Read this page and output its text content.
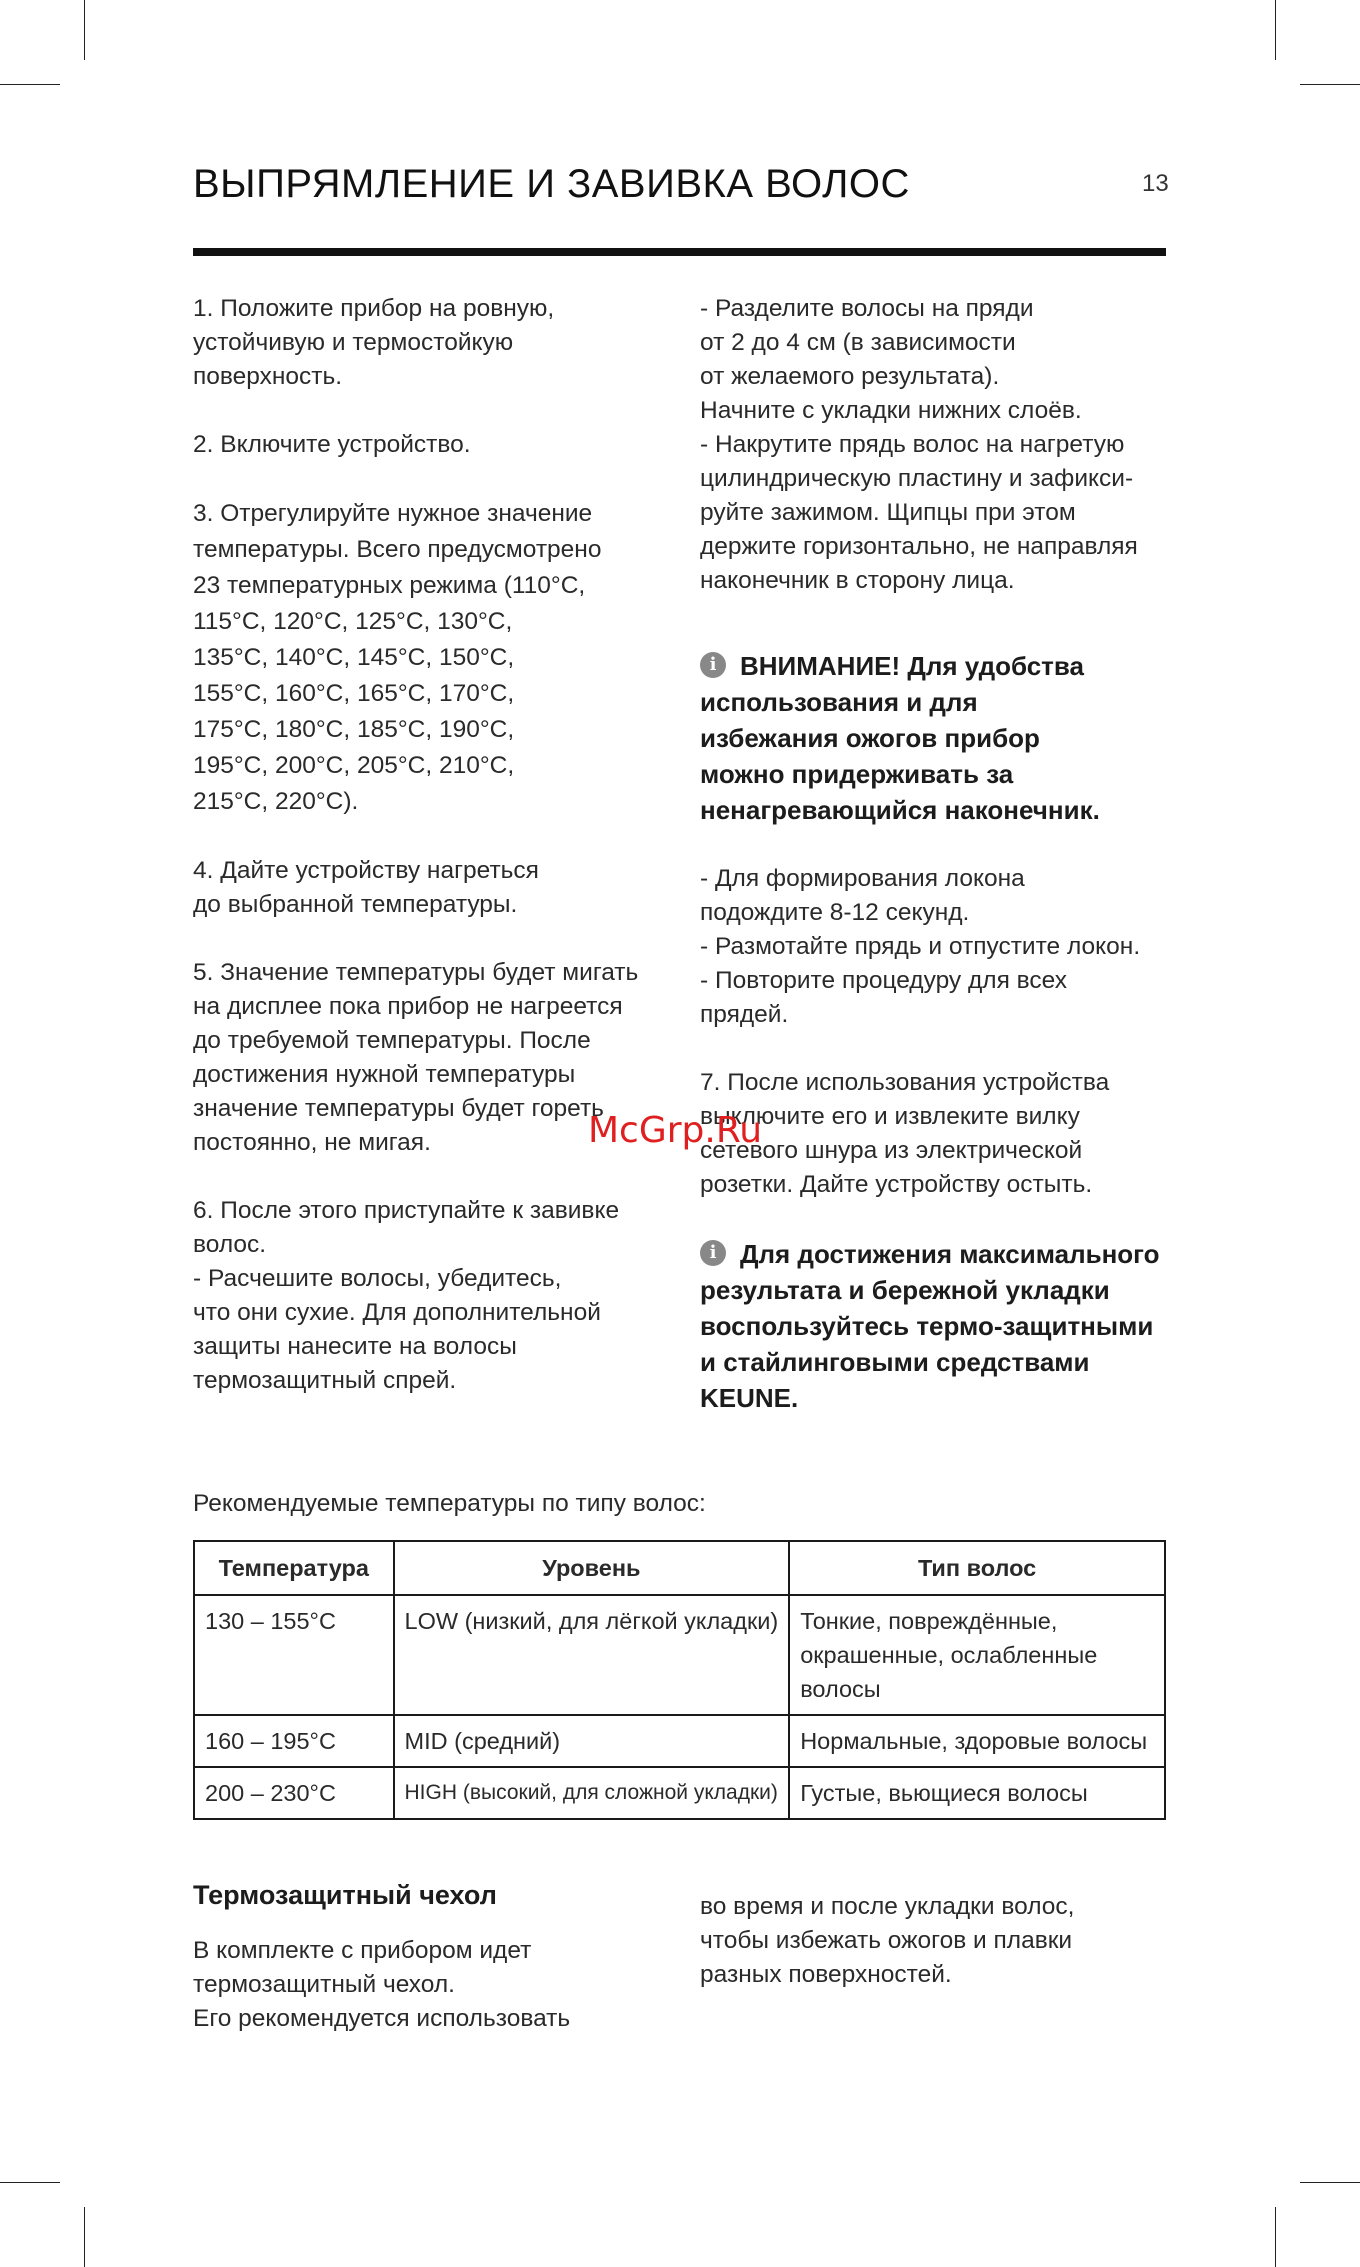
ВЫПРЯМЛЕНИЕ И ЗАВИВКА ВОЛОС	13

1. Положите прибор на ровную,
устойчивую и термостойкую
поверхность.

2. Включите устройство.

3. Отрегулируйте нужное значение
температуры. Всего предусмотрено
23 температурных режима (110°C,
115°C, 120°C, 125°C, 130°C,
135°C, 140°C, 145°C, 150°C,
155°C, 160°C, 165°C, 170°C,
175°C, 180°C, 185°C, 190°C,
195°C, 200°C, 205°C, 210°C,
215°C, 220°C).

4. Дайте устройству нагреться
до выбранной температуры.

5. Значение температуры будет мигать
на дисплее пока прибор не нагреется
до требуемой температуры. После
достижения нужной температуры
значение температуры будет гореть
постоянно, не мигая.

6. После этого приступайте к завивке
волос.
- Расчешите волосы, убедитесь,
что они сухие. Для дополнительной
защиты нанесите на волосы
термозащитный спрей.

- Разделите волосы на пряди
от 2 до 4 см (в зависимости
от желаемого результата).
Начните с укладки нижних слоёв.
- Накрутите прядь волос на нагретую
цилиндрическую пластину и зафикси-
руйте зажимом. Щипцы при этом
держите горизонтально, не направляя
наконечник в сторону лица.

i ВНИМАНИЕ! Для удобства
использования и для
избежания ожогов прибор
можно придерживать за
ненагревающийся наконечник.

- Для формирования локона
подождите 8-12 секунд.
- Размотайте прядь и отпустите локон.
- Повторите процедуру для всех
прядей.

7. После использования устройства
выключите его и извлеките вилку
сетевого шнура из электрической
розетки. Дайте устройству остыть.

i Для достижения максимального
результата и бережной укладки
воспользуйтесь термо-защитными
и стайлинговыми средствами
KEUNE.

McGrp.Ru
Рекомендуемые температуры по типу волос:
Температура	Уровень	Тип волос
130 – 155°C	LOW (низкий, для лёгкой укладки)	Тонкие, повреждённые, окрашенные, ослабленные волосы
160 – 195°C	MID (средний)	Нормальные, здоровые волосы
200 – 230°C	HIGH (высокий, для сложной укладки)	Густые, вьющиеся волосы
Термозащитный чехол
В комплекте с прибором идет
термозащитный чехол.
Его рекомендуется использовать
во время и после укладки волос,
чтобы избежать ожогов и плавки
разных поверхностей.
